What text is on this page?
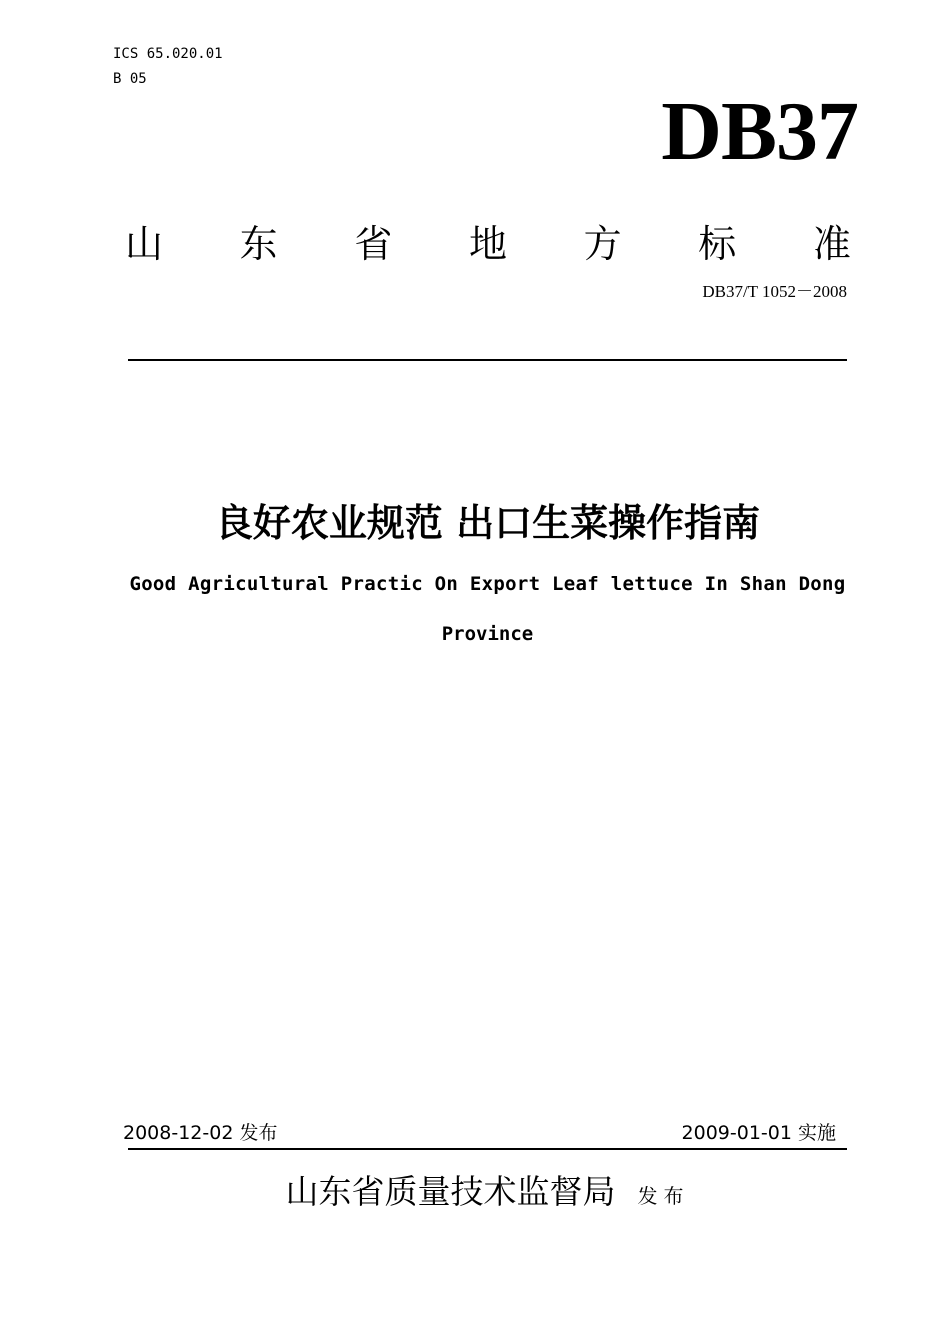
ICS 65.020.01
B 05
DB37
山 东 省 地 方 标 准
DB37/T 1052－2008
良好农业规范 出口生菜操作指南
Good Agricultural Practic On Export Leaf lettuce In Shan Dong
Province
2008-12-02 发布	2009-01-01 实施
山东省质量技术监督局 发布
